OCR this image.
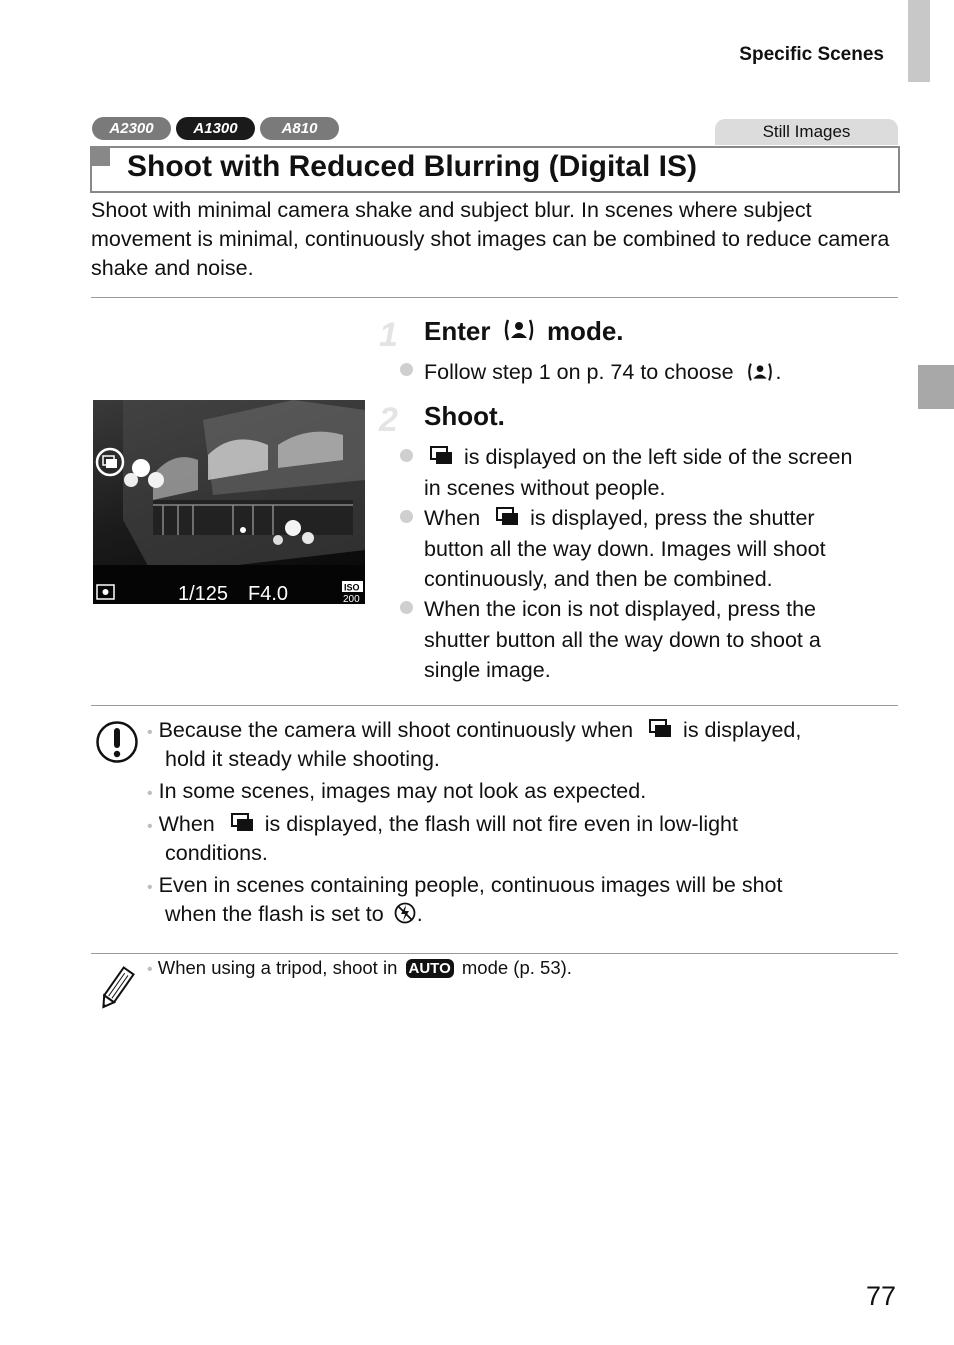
Specific Scenes
A2300	A1300	A810	Still Images
Shoot with Reduced Blurring (Digital IS)
Shoot with minimal camera shake and subject blur. In scenes where subject movement is minimal, continuously shot images can be combined to reduce camera shake and noise.
1/125 F4.0	ISO
200
1 Enter mode.
Follow step 1 on p. 74 to choose .
2 Shoot.
is displayed on the left side of the screen
in scenes without people.
When is displayed, press the shutter
button all the way down. Images will shoot
continuously, and then be combined.
When the icon is not displayed, press the
shutter button all the way down to shoot a
single image.
• Because the camera will shoot continuously when is displayed,
hold it steady while shooting.
• In some scenes, images may not look as expected.
• When is displayed, the flash will not fire even in low-light
conditions.
• Even in scenes containing people, continuous images will be shot
when the flash is set to .
• When using a tripod, shoot in AUTO mode (p. 53).
77
